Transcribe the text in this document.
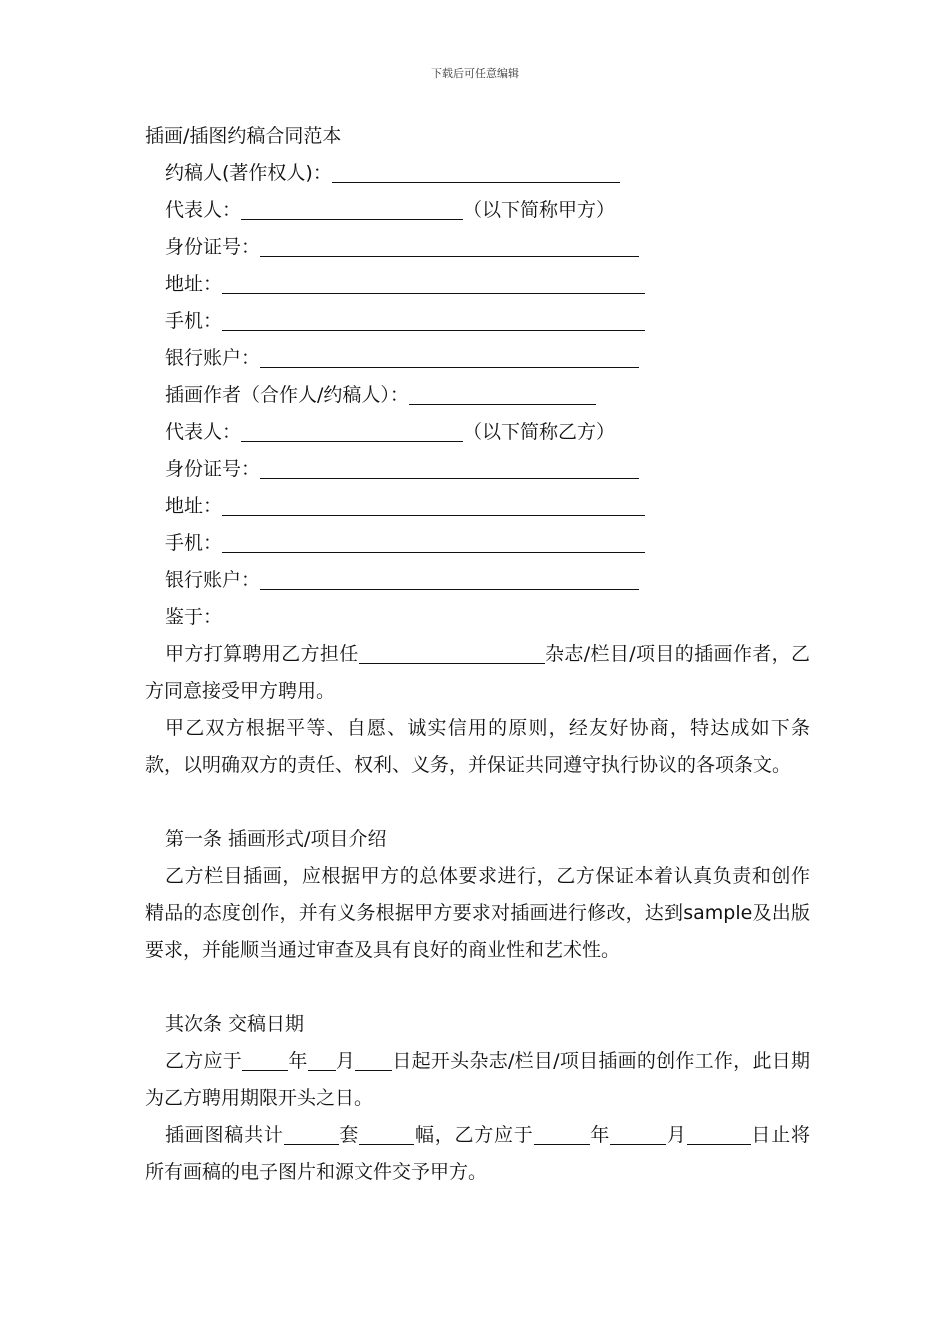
下载后可任意编辑
插画/插图约稿合同范本
约稿人(著作权人)：
代表人：	（以下简称甲方）
身份证号：
地址：
手机：
银行账户：
插画作者（合作人/约稿人）：
代表人：	（以下简称乙方）
身份证号：
地址：
手机：
银行账户：
鉴于：
甲方打算聘用乙方担任	杂志/栏目/项目的插画作者，乙方同意接受甲方聘用。
甲乙双方根据平等、自愿、诚实信用的原则，经友好协商，特达成如下条款，以明确双方的责任、权利、义务，并保证共同遵守执行协议的各项条文。
第一条 插画形式/项目介绍
乙方栏目插画，应根据甲方的总体要求进行，乙方保证本着认真负责和创作精品的态度创作，并有义务根据甲方要求对插画进行修改，达到sample及出版要求，并能顺当通过审查及具有良好的商业性和艺术性。
其次条 交稿日期
乙方应于 年 月 日起开头杂志/栏目/项目插画的创作工作，此日期为乙方聘用期限开头之日。
插画图稿共计	套	幅，乙方应于	年	月	日止将所有画稿的电子图片和源文件交予甲方。
